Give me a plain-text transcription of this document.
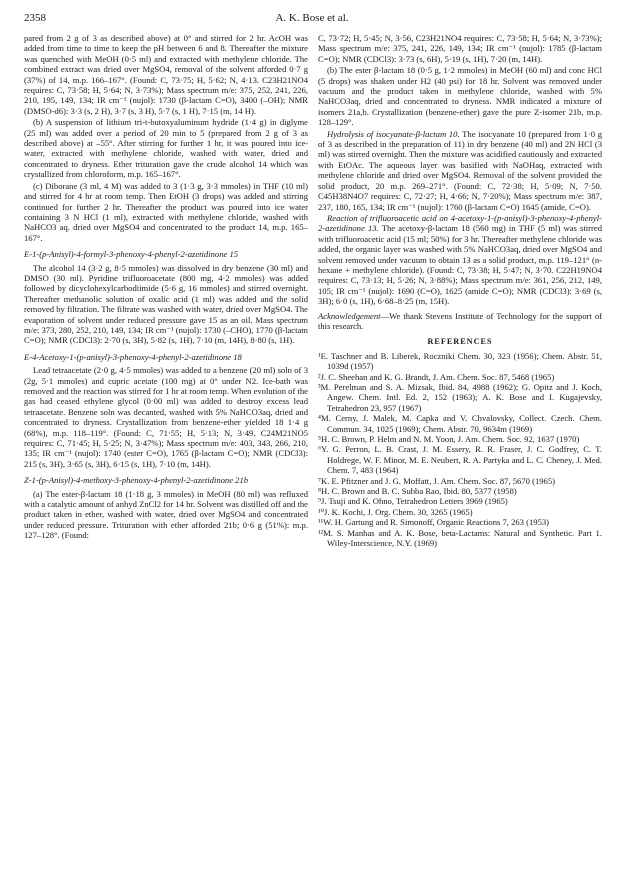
2358	A. K. Bose et al.

pared from 2 g of 3 as described above) at 0° and stirred for 2 hr. AcOH was added from time to time to keep the pH between 6 and 8. Thereafter the mixture was quenched with MeOH (0·5 ml) and extracted with methylene chloride. The combined extract was dried over MgSO4, removal of the solvent afforded 0·7 g (37%) of 14, m.p. 166–167°. (Found: C, 73·75; H, 5·62; N, 4·13. C23H21NO4 requires: C, 73·58; H, 5·64; N, 3·73%); Mass spectrum m/e: 375, 252, 241, 226, 210, 195, 149, 134; IR cm⁻¹ (nujol): 1730 (β-lactam C=O), 3400 (–OH); NMR (DMSO-d6): 3·3 (s, 2 H), 3·7 (s, 3 H), 5·7 (s, 1 H), 7·15 (m, 14 H).

(b) A suspension of lithium tri-t-butoxyaluminum hydride (1·4 g) in diglyme (25 ml) was added over a period of 20 min to 5 (prepared from 2 g of 3 as described above) at –55°. After stirring for further 1 hr, it was poured into ice-water, extracted with methylene chloride, washed with water, dried and concentrated to dryness. Ether trituration gave the crude alcohol 14 which was crystallized from chloroform, m.p. 165–167°.

(c) Diborane (3 ml, 4 M) was added to 3 (1·3 g, 3·3 mmoles) in THF (10 ml) and stirred for 4 hr at room temp. Then EtOH (3 drops) was added and stirring continued for further 2 hr. Thereafter the product was poured into ice water containing 3 N HCl (1 ml), extracted with methylene chloride, washed with NaHCO3 aq. dried over MgSO4 and concentrated to the product 14, m.p. 165–167°.

E-1-(p-Anisyl)-4-formyl-3-phenoxy-4-phenyl-2-azetidinone 15

The alcohol 14 (3·2 g, 8·5 mmoles) was dissolved in dry benzene (30 ml) and DMSO (30 ml). Pyridine trifluoroacetate (800 mg, 4·2 mmoles) was added followed by dicyclohexylcarbodiimide (5·6 g, 16 mmoles) and stirred overnight. Thereafter methanolic solution of oxalic acid (1 ml) was added and the solid removed by filtration. The filtrate was washed with water, dried over MgSO4. The evaporation of solvent under reduced pressure gave 15 as an oil. Mass spectrum m/e: 373, 280, 252, 210, 149, 134; IR cm⁻¹ (nujol): 1730 (–CHO), 1770 (β-lactam C=O); NMR (CDCl3): 2·70 (s, 3H), 5·82 (s, 1H), 7·10 (m, 14H), 8·80 (s, 1H).

E-4-Acetoxy-1-(p-anisyl)-3-phenoxy-4-phenyl-2-azetidinone 18

Lead tetraacetate (2·0 g, 4·5 mmoles) was added to a benzene (20 ml) soln of 3 (2g, 5·1 mmoles) and cupric acetate (100 mg) at 0° under N2. Ice-bath was removed and the reaction was stirred for 1 hr at room temp. When evolution of the gas had ceased ethylene glycol (0·00 ml) was added to destroy excess lead tetraacetate. Benzene soln was decanted, washed with 5% NaHCO3aq, dried and concentrated to dryness. Crystallization from benzene-ether yielded 18 1·4 g (68%), m.p. 118–119°. (Found: C, 71·55; H, 5·13; N, 3·49. C24M21NO5 requires: C, 71·45; H, 5·25; N, 3·47%); Mass spectrum m/e: 403, 343, 266, 210, 135; IR cm⁻¹ (nujol): 1740 (ester C=O), 1765 (β-lactam C=O); NMR (CDCl3): 215 (s, 3H), 3·65 (s, 3H), 6·15 (s, 1H), 7·10 (m, 14H).

Z-1-(p-Anisyl)-4-methoxy-3-phenoxy-4-phenyl-2-azetidinone 21b

(a) The ester-β-lactam 18 (1·18 g, 3 mmoles) in MeOH (80 ml) was refluxed with a catalytic amount of anhyd ZnCl2 for 14 hr. Solvent was distilled off and the product taken in ether, washed with water, dried over MgSO4 and concentrated under reduced pressure. Trituration with ether afforded 21b; 0·6 g (51%): m.p. 127–128°. (Found:

C, 73·72; H, 5·45; N, 3·56, C23H21NO4 requires: C, 73·58; H, 5·64; N, 3·73%); Mass spectrum m/e: 375, 241, 226, 149, 134; IR cm⁻¹ (nujol): 1785 (β-lactam C=O); NMR (CDCl3): 3·73 (s, 6H), 5·19 (s, 1H), 7·20 (m, 14H).

(b) The ester β-lactam 18 (0·5 g, 1·2 mmoles) in MeOH (60 ml) and conc HCl (5 drops) was shaken under H2 (40 psi) for 18 hr. Solvent was removed under vacuum and the product taken in methylene chloride, washed with 5% NaHCO3aq, dried and concentrated to dryness. NMR indicated a mixture of isomers 21a,b. Crystallization (benzene-ether) gave the pure Z-isomer 21b, m.p. 128–129°.

Hydrolysis of isocyanate-β-lactam 10. The isocyanate 10 (prepared from 1·0 g of 3 as described in the preparation of 11) in dry benzene (40 ml) and 2N HCl (3 ml) was stirred overnight. Then the mixture was acidified cautiously and extracted with EtOAc. The aqueous layer was basified with NaOHaq, extracted with methylene chloride and dried over MgSO4. Removal of the solvent provided the solid product, 20 m.p. 269–271°. (Found: C, 72·38; H, 5·09; N, 7·50. C45H38N4O7 requires: C, 72·27; H, 4·66; N, 7·20%); Mass spectrum m/e: 387, 237, 180, 165, 134; IR cm⁻¹ (nujol): 1760 (β-lactam C=O) 1645 (amide, C=O).

Reaction of trifluoroacetic acid on 4-acetoxy-1-(p-anisyl)-3-phenoxy-4-phenyl-2-azetidinone 13. The acetoxy-β-lactam 18 (560 mg) in THF (5 ml) was stirred with trifluoroacetic acid (15 ml; 50%) for 3 hr. Thereafter methylene chloride was added, the organic layer was washed with 5% NaHCO3aq, dried over MgSO4 and solvent removed under vacuum to obtain 13 as a solid product, m.p. 119–121° (n-hexane + methylene chloride). (Found: C, 73·38; H, 5·47; N, 3·70. C22H19NO4 requires: C, 73·13; H, 5·26; N, 3·88%); Mass spectrum m/e: 361, 256, 212, 149, 105; IR cm⁻¹ (nujol): 1690 (C=O), 1625 (amide C=O); NMR (CDCl3): 3·69 (s, 3H); 6·0 (s, 1H), 6·68–8·25 (m, 15H).

Acknowledgement—We thank Stevens Institute of Technology for the support of this research.

REFERENCES
¹E. Taschner and B. Liberek, Roczniki Chem. 30, 323 (1956); Chem. Abstr. 51, 1039d (1957)
²J. C. Sheehan and K. G. Brandt, J. Am. Chem. Soc. 87, 5468 (1965)
³M. Perelman and S. A. Mizsak, Ibid. 84, 4988 (1962); G. Opitz and J. Koch, Angew. Chem. Intl. Ed. 2, 152 (1963); A. K. Bose and I. Kugajevsky, Tetrahedron 23, 957 (1967)
⁴M. Cerny, J. Malek, M. Capka and V. Chvalovsky, Collect. Czech. Chem. Commun. 34, 1025 (1969); Chem. Abstr. 70, 9634m (1969)
⁵H. C. Brown, P. Helm and N. M. Yoon, J. Am. Chem. Soc. 92, 1637 (1970)
⁶Y. G. Perron, L. B. Crast, J. M. Essery, R. R. Fraser, J. C. Godfrey, C. T. Holdrege, W. F. Minor, M. E. Neubert, R. A. Partyka and L. C. Cheney, J. Med. Chem. 7, 483 (1964)
⁷K. E. Pfitzner and J. G. Moffatt, J. Am. Chem. Soc. 87, 5670 (1965)
⁸H. C. Brown and B. C. Subba Rao, Ibid. 80, 5377 (1958)
⁹J. Tsuji and K. Ohno, Tetrahedron Letters 3969 (1965)
¹⁰J. K. Kochi, J. Org. Chem. 30, 3265 (1965)
¹¹W. H. Gartung and R. Simonoff, Organic Reactions 7, 263 (1953)
¹²M. S. Manhas and A. K. Bose, beta-Lactams: Natural and Synthetic. Part 1. Wiley-Interscience, N.Y. (1969)
